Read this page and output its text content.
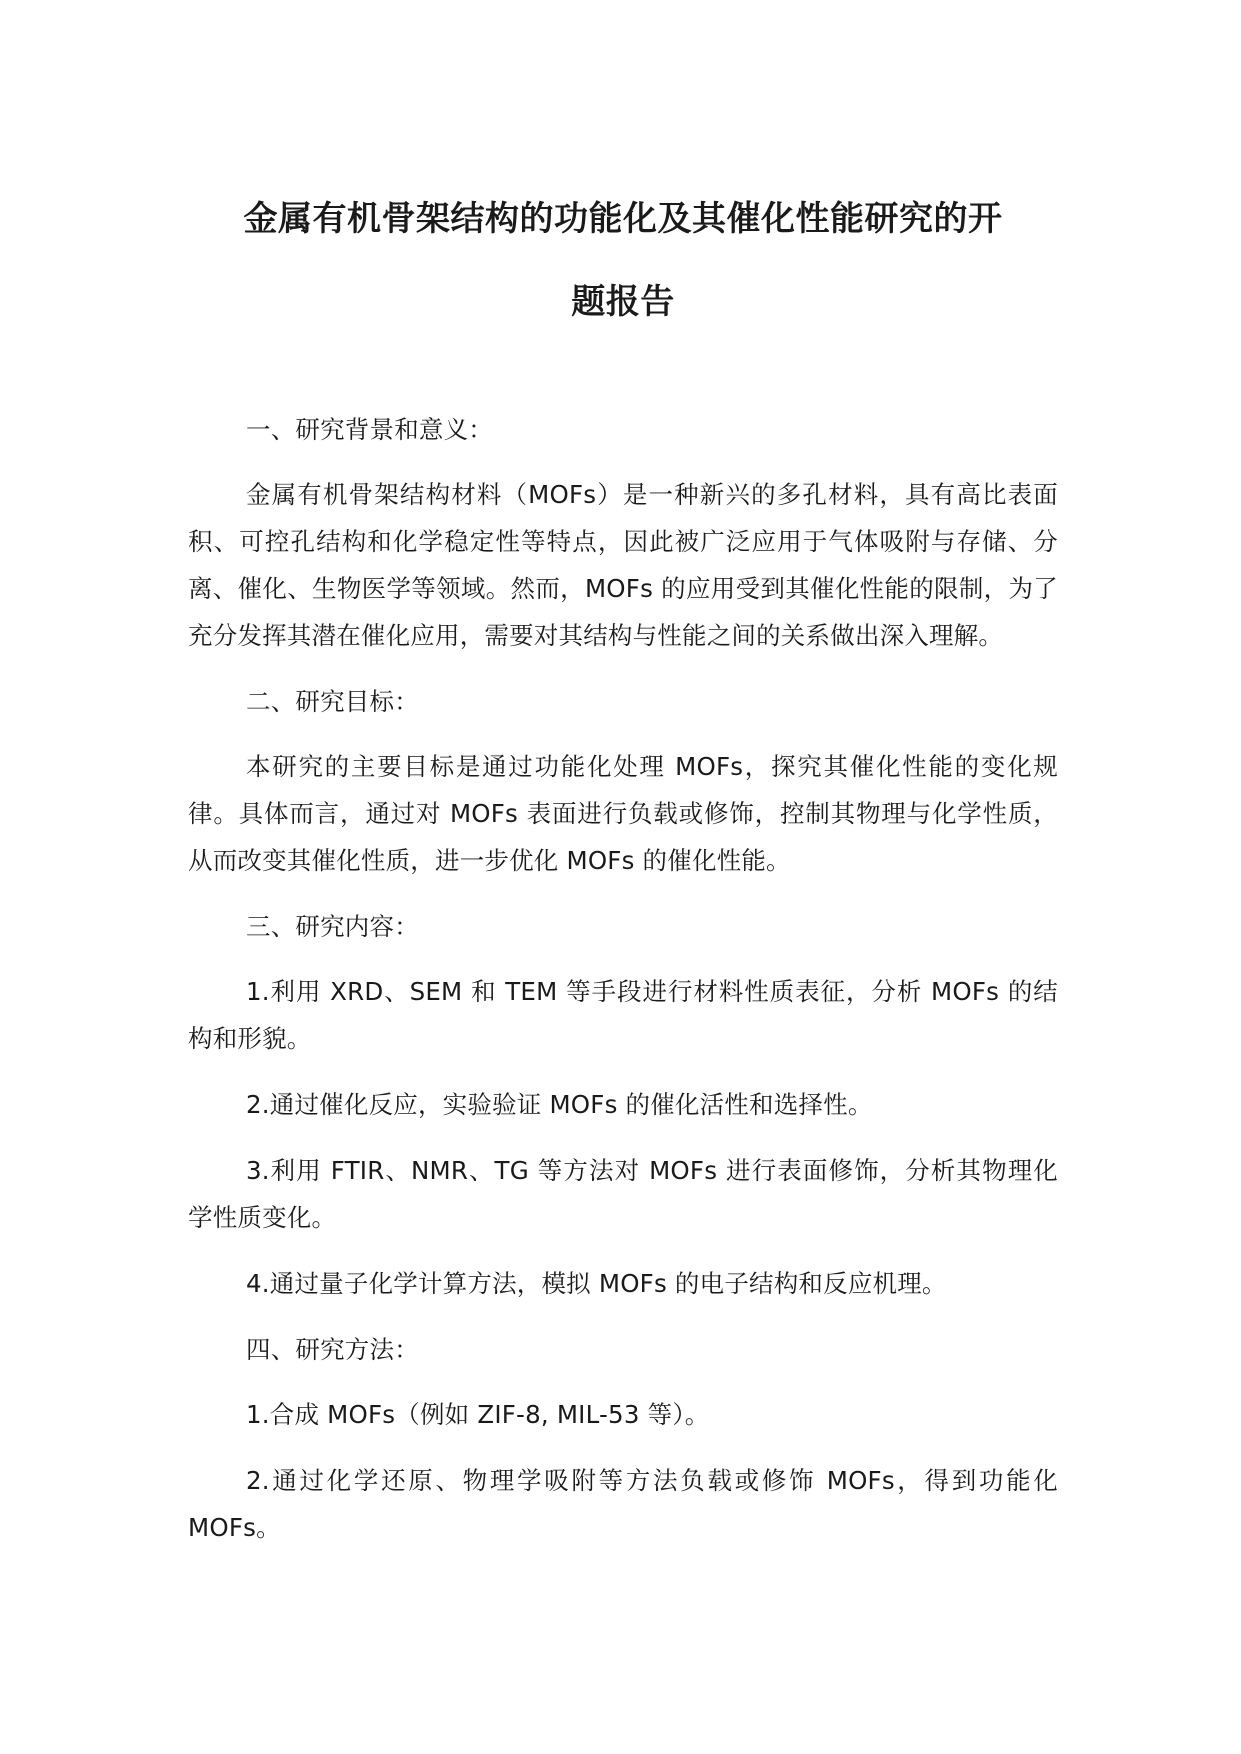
金属有机骨架结构的功能化及其催化性能研究的开
题报告

一、研究背景和意义：

金属有机骨架结构材料（MOFs）是一种新兴的多孔材料，具有高比表面积、可控孔结构和化学稳定性等特点，因此被广泛应用于气体吸附与存储、分离、催化、生物医学等领域。然而，MOFs 的应用受到其催化性能的限制，为了充分发挥其潜在催化应用，需要对其结构与性能之间的关系做出深入理解。

二、研究目标：

本研究的主要目标是通过功能化处理 MOFs，探究其催化性能的变化规律。具体而言，通过对 MOFs 表面进行负载或修饰，控制其物理与化学性质，从而改变其催化性质，进一步优化 MOFs 的催化性能。

三、研究内容：

1.利用 XRD、SEM 和 TEM 等手段进行材料性质表征，分析 MOFs 的结构和形貌。

2.通过催化反应，实验验证 MOFs 的催化活性和选择性。

3.利用 FTIR、NMR、TG 等方法对 MOFs 进行表面修饰，分析其物理化学性质变化。

4.通过量子化学计算方法，模拟 MOFs 的电子结构和反应机理。

四、研究方法：

1.合成 MOFs（例如 ZIF-8, MIL-53 等）。

2.通过化学还原、物理学吸附等方法负载或修饰 MOFs，得到功能化 MOFs。
